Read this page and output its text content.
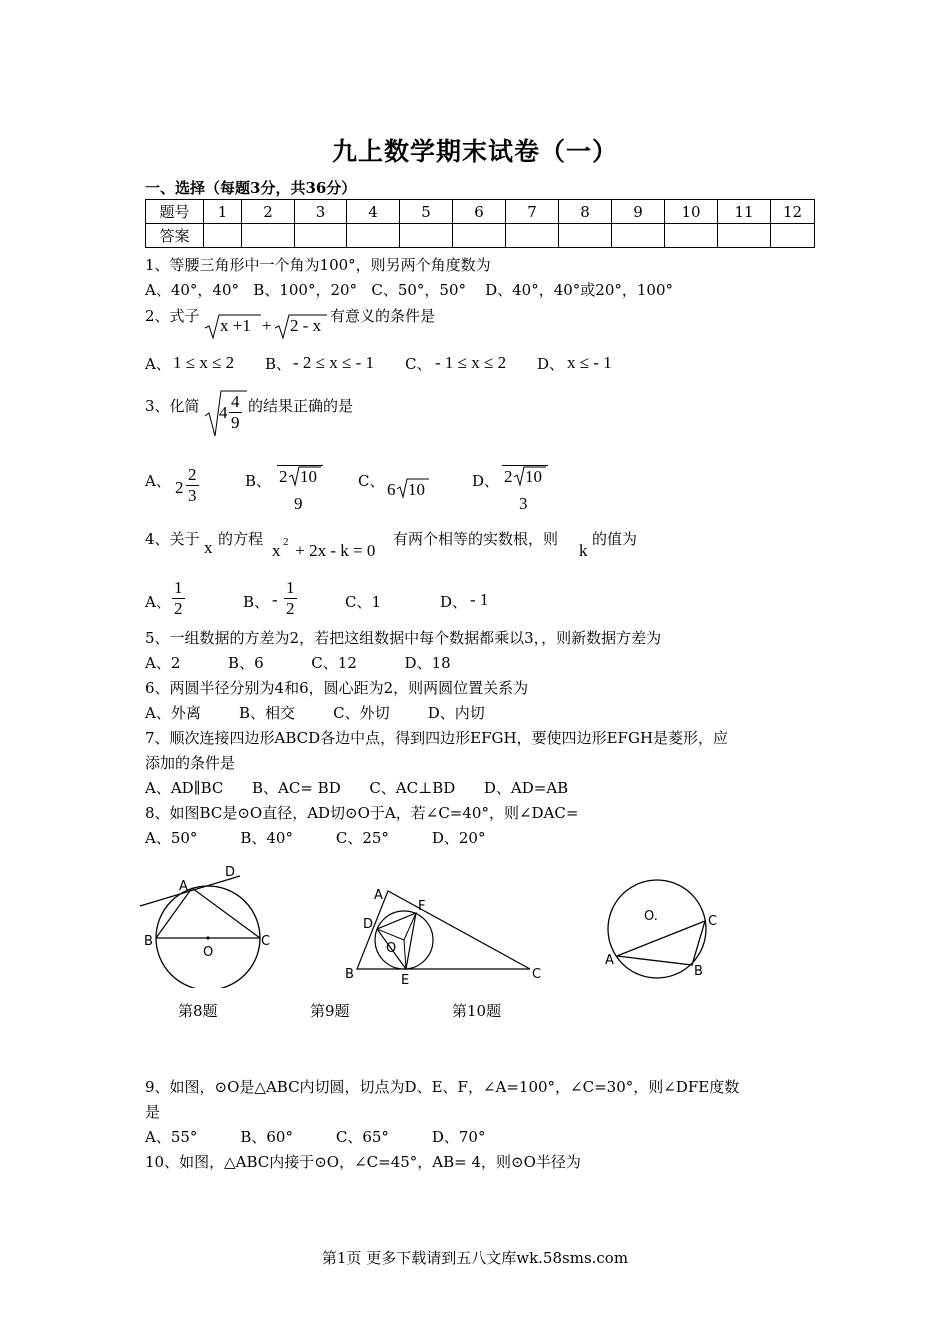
九上数学期末试卷（一）
一、选择（每题3分，共36分）
题号	1	2	3	4	5	6	7	8	9	10	11	12
答案												
1、等腰三角形中一个角为100°，则另两个角度数为
A、40°，40°   B、100°，20°   C、50°，50°    D、40°，40°或20°，100°
2、式子 x +1 + 2 - x 有意义的条件是
A、 1 ≤ x ≤ 2 B、 - 2 ≤ x ≤ - 1 C、 - 1 ≤ x ≤ 2 D、 x ≤ - 1
3、化简 $4 \frac{4}{9}$ 的结果正确的是
A、 $2 \frac{2}{3}$	B、 2 10
9
C、 6 10	D、 2 10
3
4、关于 x 的方程
x 2 + 2x - k = 0
有两个相等的实数根，则
k
的值为
A、 $\frac{1}{2}$	B、 - $\frac{1}{2}$	C、1	D、 - 1
5、一组数据的方差为2，若把这组数据中每个数据都乘以3，，则新数据方差为
A、2          B、6          C、12          D、18
6、两圆半径分别为4和6，圆心距为2，则两圆位置关系为
A、外离        B、相交        C、外切        D、内切
7、顺次连接四边形ABCD各边中点，得到四边形EFGH，要使四边形EFGH是菱形，应
添加的条件是
A、AD∥BC      B、AC= BD      C、AC⊥BD      D、AD=AB
8、如图BC是⊙O直径，AD切⊙O于A，若∠C=40°，则∠DAC=
A、50°         B、40°         C、25°         D、20°
A
B	C
D
O
第8题
A
B	C
D
E
F
O
第9题
A
B
C
O.
第10题
9、如图，⊙O是△ABC内切圆，切点为D、E、F，∠A=100°，∠C=30°，则∠DFE度数
是
A、55°         B、60°         C、65°         D、70°
10、如图，△ABC内接于⊙O，∠C=45°，AB= 4，则⊙O半径为
第1页 更多下载请到五八文库wk.58sms.com
